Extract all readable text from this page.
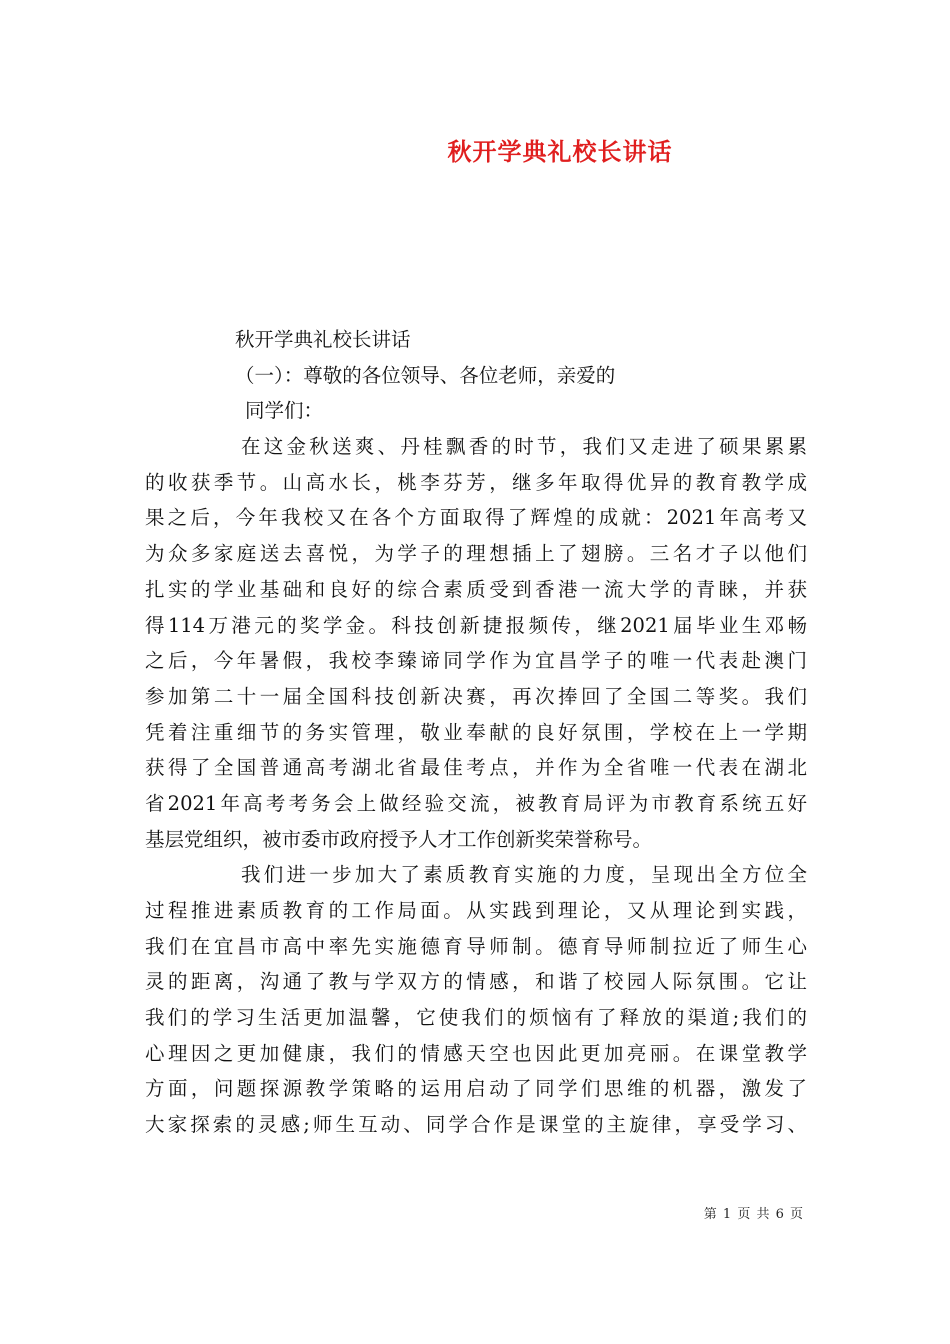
秋开学典礼校长讲话
秋开学典礼校长讲话
（一）：尊敬的各位领导、各位老师，亲爱的
同学们：
在这金秋送爽、丹桂飘香的时节，我们又走进了硕果累累
的收获季节。山高水长，桃李芬芳，继多年取得优异的教育教学成
果之后，今年我校又在各个方面取得了辉煌的成就：2021年高考又
为众多家庭送去喜悦，为学子的理想插上了翅膀。三名才子以他们
扎实的学业基础和良好的综合素质受到香港一流大学的青睐，并获
得114万港元的奖学金。科技创新捷报频传，继2021届毕业生邓畅
之后，今年暑假，我校李臻谛同学作为宜昌学子的唯一代表赴澳门
参加第二十一届全国科技创新决赛，再次捧回了全国二等奖。我们
凭着注重细节的务实管理，敬业奉献的良好氛围，学校在上一学期
获得了全国普通高考湖北省最佳考点，并作为全省唯一代表在湖北
省2021年高考考务会上做经验交流，被教育局评为市教育系统五好
基层党组织，被市委市政府授予人才工作创新奖荣誉称号。
我们进一步加大了素质教育实施的力度，呈现出全方位全
过程推进素质教育的工作局面。从实践到理论，又从理论到实践，
我们在宜昌市高中率先实施德育导师制。德育导师制拉近了师生心
灵的距离，沟通了教与学双方的情感，和谐了校园人际氛围。它让
我们的学习生活更加温馨，它使我们的烦恼有了释放的渠道;我们的
心理因之更加健康，我们的情感天空也因此更加亮丽。在课堂教学
方面，问题探源教学策略的运用启动了同学们思维的机器，激发了
大家探索的灵感;师生互动、同学合作是课堂的主旋律，享受学习、
第 1 页 共 6 页
